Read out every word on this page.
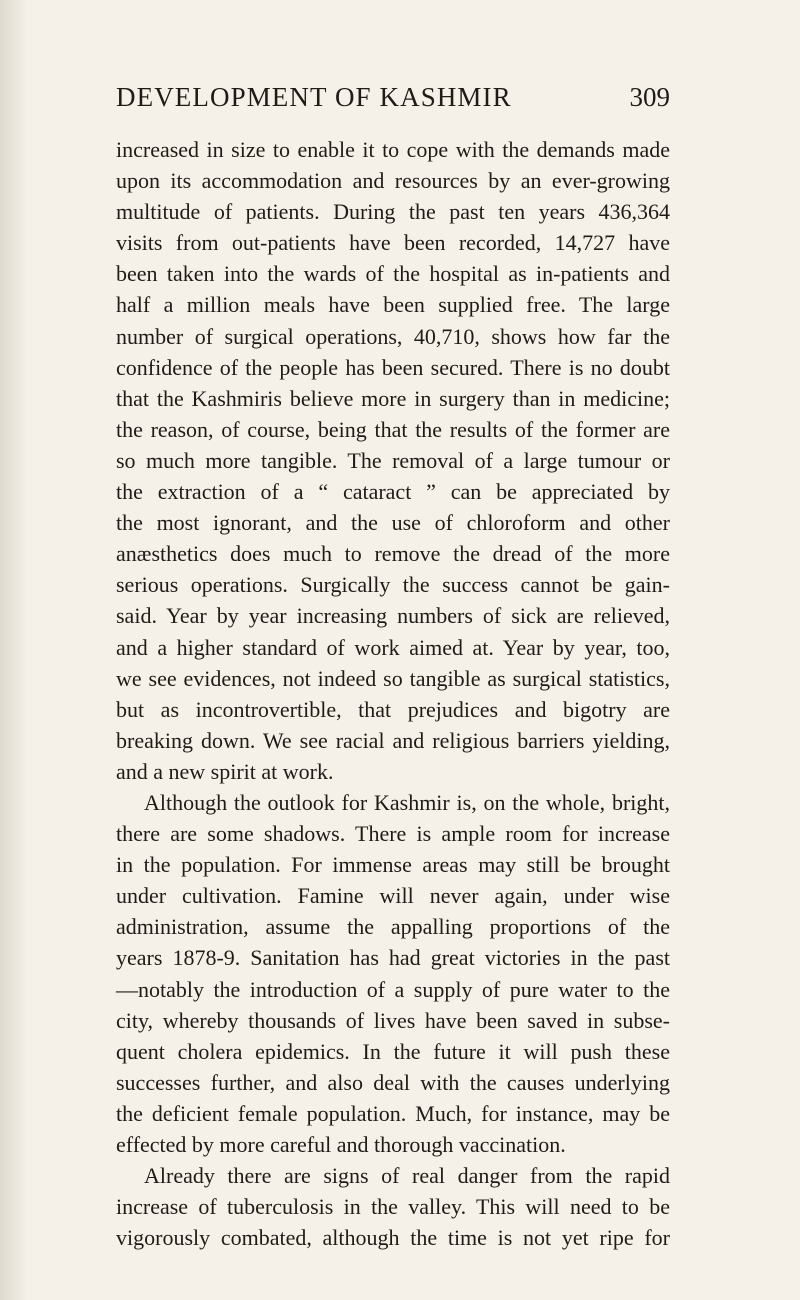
DEVELOPMENT OF KASHMIR	309
increased in size to enable it to cope with the demands made
upon its accommodation and resources by an ever-growing
multitude of patients. During the past ten years 436,364
visits from out-patients have been recorded, 14,727 have
been taken into the wards of the hospital as in-patients and
half a million meals have been supplied free. The large
number of surgical operations, 40,710, shows how far the
confidence of the people has been secured. There is no doubt
that the Kashmiris believe more in surgery than in medicine;
the reason, of course, being that the results of the former are
so much more tangible. The removal of a large tumour or
the extraction of a “ cataract ” can be appreciated by
the most ignorant, and the use of chloroform and other
anæsthetics does much to remove the dread of the more
serious operations. Surgically the success cannot be gain-
said. Year by year increasing numbers of sick are relieved,
and a higher standard of work aimed at. Year by year, too,
we see evidences, not indeed so tangible as surgical statistics,
but as incontrovertible, that prejudices and bigotry are
breaking down. We see racial and religious barriers yielding,
and a new spirit at work.
Although the outlook for Kashmir is, on the whole, bright,
there are some shadows. There is ample room for increase
in the population. For immense areas may still be brought
under cultivation. Famine will never again, under wise
administration, assume the appalling proportions of the
years 1878-9. Sanitation has had great victories in the past
—notably the introduction of a supply of pure water to the
city, whereby thousands of lives have been saved in subse-
quent cholera epidemics. In the future it will push these
successes further, and also deal with the causes underlying
the deficient female population. Much, for instance, may be
effected by more careful and thorough vaccination.
Already there are signs of real danger from the rapid
increase of tuberculosis in the valley. This will need to be
vigorously combated, although the time is not yet ripe for
